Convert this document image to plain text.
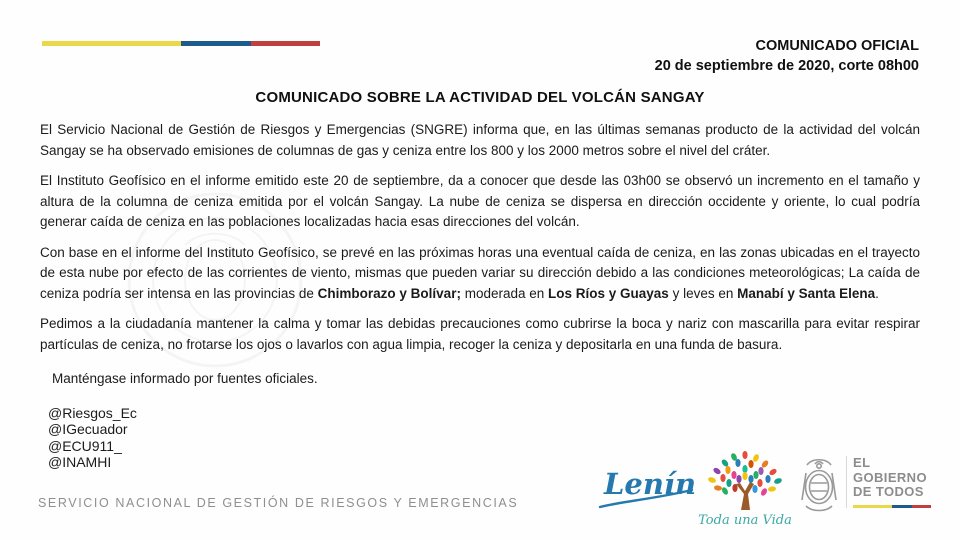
COMUNICADO OFICIAL
20 de septiembre de 2020, corte 08h00
COMUNICADO SOBRE LA ACTIVIDAD DEL VOLCÁN SANGAY

El Servicio Nacional de Gestión de Riesgos y Emergencias (SNGRE) informa que, en las últimas semanas producto de la actividad del volcán Sangay se ha observado emisiones de columnas de gas y ceniza entre los 800 y los 2000 metros sobre el nivel del cráter.

El Instituto Geofísico en el informe emitido este 20 de septiembre, da a conocer que desde las 03h00 se observó un incremento en el tamaño y altura de la columna de ceniza emitida por el volcán Sangay. La nube de ceniza se dispersa en dirección occidente y oriente, lo cual podría generar caída de ceniza en las poblaciones localizadas hacia esas direcciones del volcán.

Con base en el informe del Instituto Geofísico, se prevé en las próximas horas una eventual caída de ceniza, en las zonas ubicadas en el trayecto de esta nube por efecto de las corrientes de viento, mismas que pueden variar su dirección debido a las condiciones meteorológicas; La caída de ceniza podría ser intensa en las provincias de Chimborazo y Bolívar; moderada en Los Ríos y Guayas y leves en Manabí y Santa Elena.

Pedimos a la ciudadanía mantener la calma y tomar las debidas precauciones como cubrirse la boca y nariz con mascarilla para evitar respirar partículas de ceniza, no frotarse los ojos o lavarlos con agua limpia, recoger la ceniza y depositarla en una funda de basura.

Manténgase informado por fuentes oficiales.

@Riesgos_Ec
@IGecuador
@ECU911_
@INAMHI
SERVICIO NACIONAL DE GESTIÓN DE RIESGOS Y EMERGENCIAS
Lenín
Toda una Vida
EL
GOBIERNO
DE TODOS
